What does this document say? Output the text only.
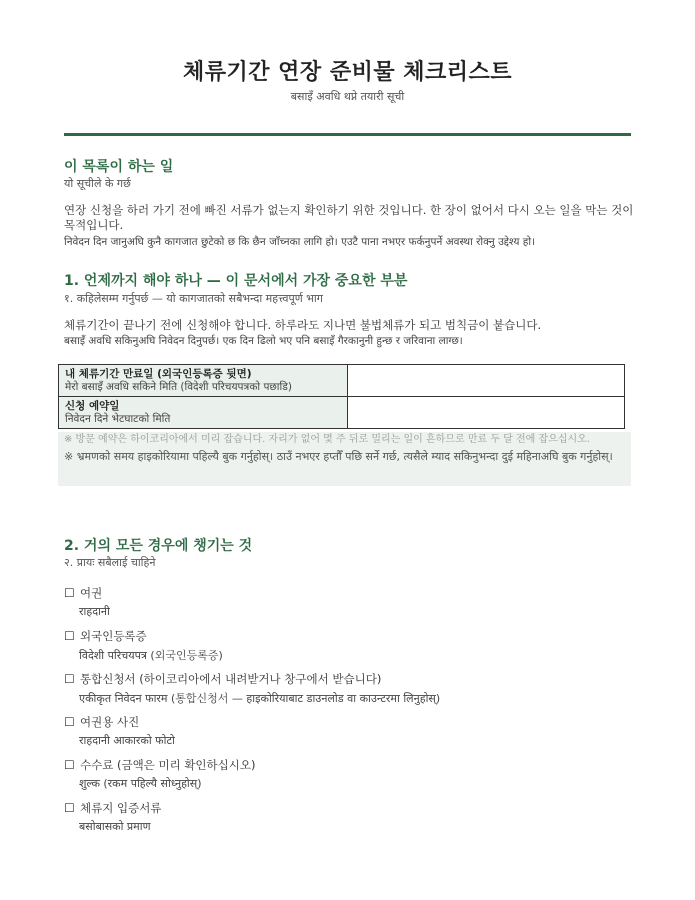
체류기간 연장 준비물 체크리스트
बसाइँ अवधि थप्ने तयारी सूची
이 목록이 하는 일
यो सूचीले के गर्छ
연장 신청을 하러 가기 전에 빠진 서류가 없는지 확인하기 위한 것입니다. 한 장이 없어서 다시 오는 일을 막는 것이 목적입니다.
निवेदन दिन जानुअघि कुनै कागजात छुटेको छ कि छैन जाँच्नका लागि हो। एउटै पाना नभएर फर्कनुपर्ने अवस्था रोक्नु उद्देश्य हो।
1. 언제까지 해야 하나 — 이 문서에서 가장 중요한 부분
१. कहिलेसम्म गर्नुपर्छ — यो कागजातको सबैभन्दा महत्त्वपूर्ण भाग
체류기간이 끝나기 전에 신청해야 합니다. 하루라도 지나면 불법체류가 되고 범칙금이 붙습니다.
बसाइँ अवधि सकिनुअघि निवेदन दिनुपर्छ। एक दिन ढिलो भए पनि बसाइँ गैरकानुनी हुन्छ र जरिवाना लाग्छ।
내 체류기간 만료일 (외국인등록증 뒷면)
मेरो बसाइँ अवधि सकिने मिति (विदेशी परिचयपत्रको पछाडि)	

신청 예약일
निवेदन दिने भेटघाटको मिति	

※ 방문 예약은 하이코리아에서 미리 잡습니다. 자리가 없어 몇 주 뒤로 밀리는 일이 흔하므로 만료 두 달 전에 잡으십시오.
※ भ्रमणको समय हाइकोरियामा पहिल्यै बुक गर्नुहोस्। ठाउँ नभएर हप्तौँ पछि सर्ने गर्छ, त्यसैले म्याद सकिनुभन्दा दुई महिनाअघि बुक गर्नुहोस्।
2. 거의 모든 경우에 챙기는 것
२. प्रायः सबैलाई चाहिने
☐ 여권
राहदानी
☐ 외국인등록증
विदेशी परिचयपत्र (외국인등록증)
☐ 통합신청서 (하이코리아에서 내려받거나 창구에서 받습니다)
एकीकृत निवेदन फारम (통합신청서 — हाइकोरियाबाट डाउनलोड वा काउन्टरमा लिनुहोस्)
☐ 여권용 사진
राहदानी आकारको फोटो
☐ 수수료 (금액은 미리 확인하십시오)
शुल्क (रकम पहिल्यै सोध्नुहोस्)
☐ 체류지 입증서류
बसोबासको प्रमाण
